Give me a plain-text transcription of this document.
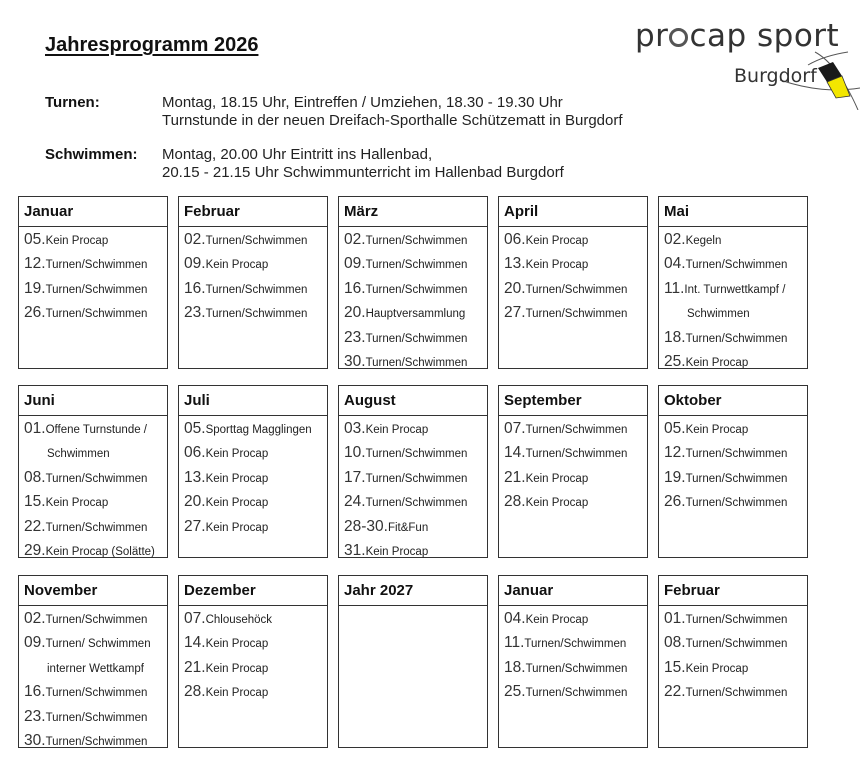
Jahresprogramm 2026
Turnen:	Montag, 18.15 Uhr, Eintreffen / Umziehen, 18.30 - 19.30 Uhr
Turnstunde in der neuen Dreifach-Sporthalle Schützematt in Burgdorf
Schwimmen: Montag, 20.00 Uhr Eintritt ins Hallenbad,
20.15 - 21.15 Uhr Schwimmunterricht im Hallenbad Burgdorf
pr cap sport
Burgdorf
Januar
05.Kein Procap
12.Turnen/Schwimmen
19.Turnen/Schwimmen
26.Turnen/Schwimmen
Februar
02.Turnen/Schwimmen
09.Kein Procap
16.Turnen/Schwimmen
23.Turnen/Schwimmen
März
02.Turnen/Schwimmen
09.Turnen/Schwimmen
16.Turnen/Schwimmen
20.Hauptversammlung
23.Turnen/Schwimmen
30.Turnen/Schwimmen
April
06.Kein Procap
13.Kein Procap
20.Turnen/Schwimmen
27.Turnen/Schwimmen
Mai
02.Kegeln
04.Turnen/Schwimmen
11.Int. Turnwettkampf /
Schwimmen
18.Turnen/Schwimmen
25.Kein Procap
Juni
01.Offene Turnstunde /
Schwimmen
08.Turnen/Schwimmen
15.Kein Procap
22.Turnen/Schwimmen
29.Kein Procap (Solätte)
Juli
05.Sporttag Magglingen
06.Kein Procap
13.Kein Procap
20.Kein Procap
27.Kein Procap
August
03.Kein Procap
10.Turnen/Schwimmen
17.Turnen/Schwimmen
24.Turnen/Schwimmen
28-30.Fit&Fun
31.Kein Procap
September
07.Turnen/Schwimmen
14.Turnen/Schwimmen
21.Kein Procap
28.Kein Procap
Oktober
05.Kein Procap
12.Turnen/Schwimmen
19.Turnen/Schwimmen
26.Turnen/Schwimmen
November
02.Turnen/Schwimmen
09.Turnen/ Schwimmen
interner Wettkampf
16.Turnen/Schwimmen
23.Turnen/Schwimmen
30.Turnen/Schwimmen
Dezember
07.Chlousehöck
14.Kein Procap
21.Kein Procap
28.Kein Procap
Jahr 2027	Januar
04.Kein Procap
11.Turnen/Schwimmen
18.Turnen/Schwimmen
25.Turnen/Schwimmen
Februar
01.Turnen/Schwimmen
08.Turnen/Schwimmen
15.Kein Procap
22.Turnen/Schwimmen
